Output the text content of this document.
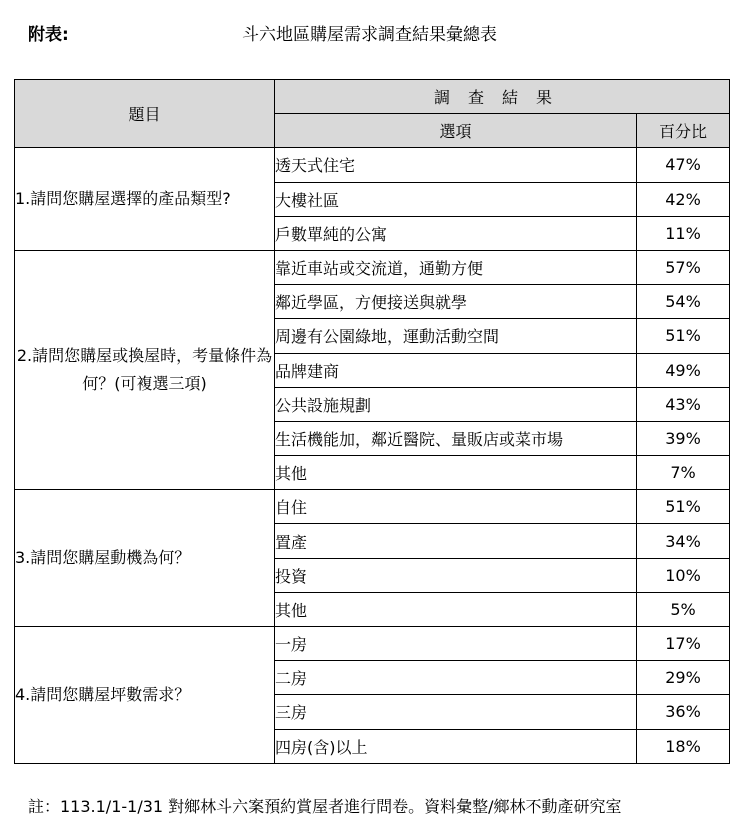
附表:	斗六地區購屋需求調查結果彙總表
題目	調查結果	
	選項	百分比
1.請問您購屋選擇的產品類型?	透天式住宅	47%
	大樓社區	42%
	戶數單純的公寓	11%
2.請問您購屋或換屋時，考量條件為何？(可複選三項)	靠近車站或交流道，通勤方便	57%
	鄰近學區，方便接送與就學	54%
	周邊有公園綠地，運動活動空間	51%
	品牌建商	49%
	公共設施規劃	43%
	生活機能加，鄰近醫院、量販店或菜市場	39%
	其他	7%
3.請問您購屋動機為何？	自住	51%
	置產	34%
	投資	10%
	其他	5%
4.請問您購屋坪數需求？	一房	17%
	二房	29%
	三房	36%
	四房(含)以上	18%
註：113.1/1-1/31 對鄉林斗六案預約賞屋者進行問卷。資料彙整/鄉林不動產研究室
